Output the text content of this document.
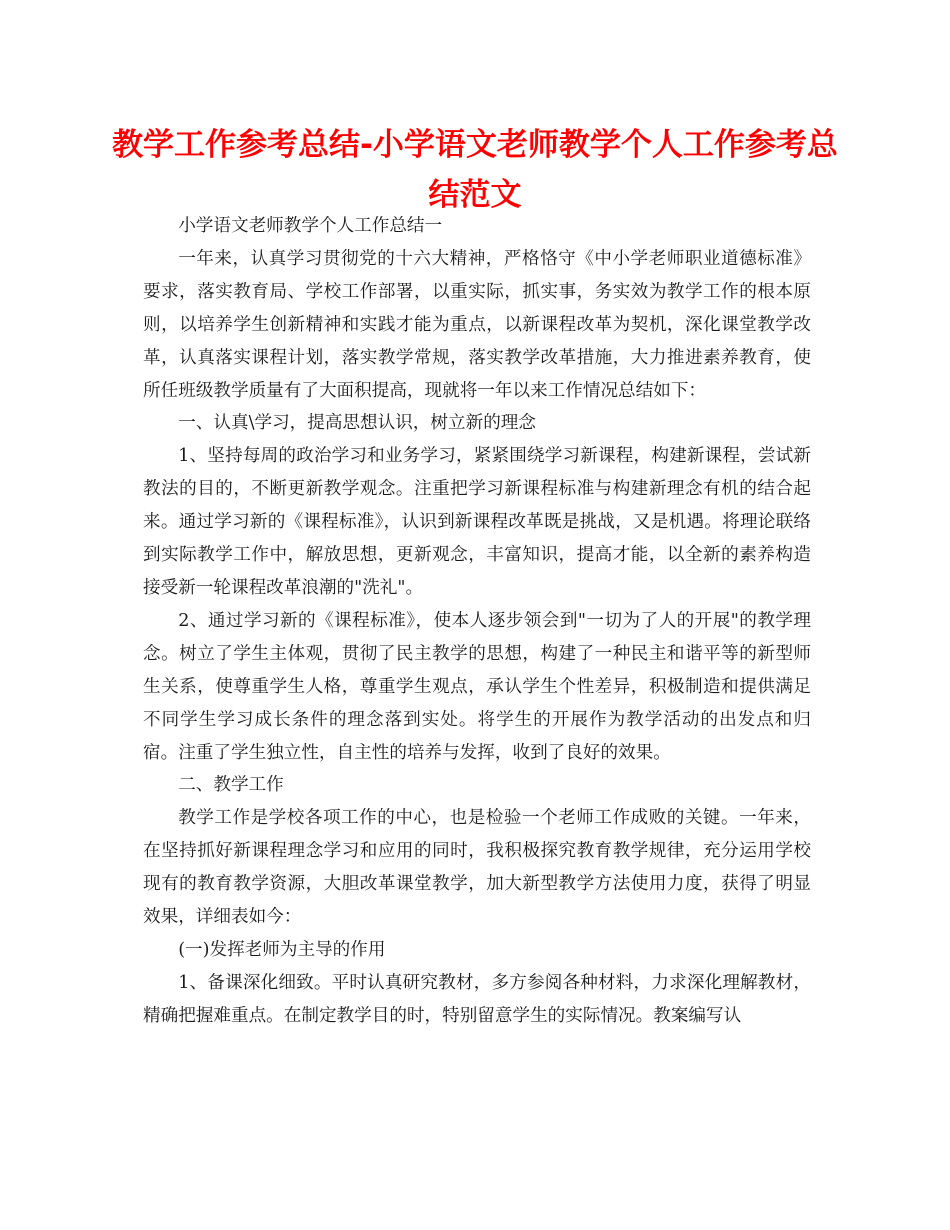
教学工作参考总结-小学语文老师教学个人工作参考总结范文

小学语文老师教学个人工作总结一

一年来，认真学习贯彻党的十六大精神，严格恪守《中小学老师职业道德标准》要求，落实教育局、学校工作部署，以重实际，抓实事，务实效为教学工作的根本原则，以培养学生创新精神和实践才能为重点，以新课程改革为契机，深化课堂教学改革，认真落实课程计划，落实教学常规，落实教学改革措施，大力推进素养教育，使所任班级教学质量有了大面积提高，现就将一年以来工作情况总结如下：

一、认真\学习，提高思想认识，树立新的理念

1、坚持每周的政治学习和业务学习，紧紧围绕学习新课程，构建新课程，尝试新教法的目的，不断更新教学观念。注重把学习新课程标准与构建新理念有机的结合起来。通过学习新的《课程标准》，认识到新课程改革既是挑战，又是机遇。将理论联络到实际教学工作中，解放思想，更新观念，丰富知识，提高才能，以全新的素养构造接受新一轮课程改革浪潮的"洗礼"。

2、通过学习新的《课程标准》，使本人逐步领会到"一切为了人的开展"的教学理念。树立了学生主体观，贯彻了民主教学的思想，构建了一种民主和谐平等的新型师生关系，使尊重学生人格，尊重学生观点，承认学生个性差异，积极制造和提供满足不同学生学习成长条件的理念落到实处。将学生的开展作为教学活动的出发点和归宿。注重了学生独立性，自主性的培养与发挥，收到了良好的效果。

二、教学工作

教学工作是学校各项工作的中心，也是检验一个老师工作成败的关键。一年来，在坚持抓好新课程理念学习和应用的同时，我积极探究教育教学规律，充分运用学校现有的教育教学资源，大胆改革课堂教学，加大新型教学方法使用力度，获得了明显效果，详细表如今：

(一)发挥老师为主导的作用

1、备课深化细致。平时认真研究教材，多方参阅各种材料，力求深化理解教材，精确把握难重点。在制定教学目的时，特别留意学生的实际情况。教案编写认
